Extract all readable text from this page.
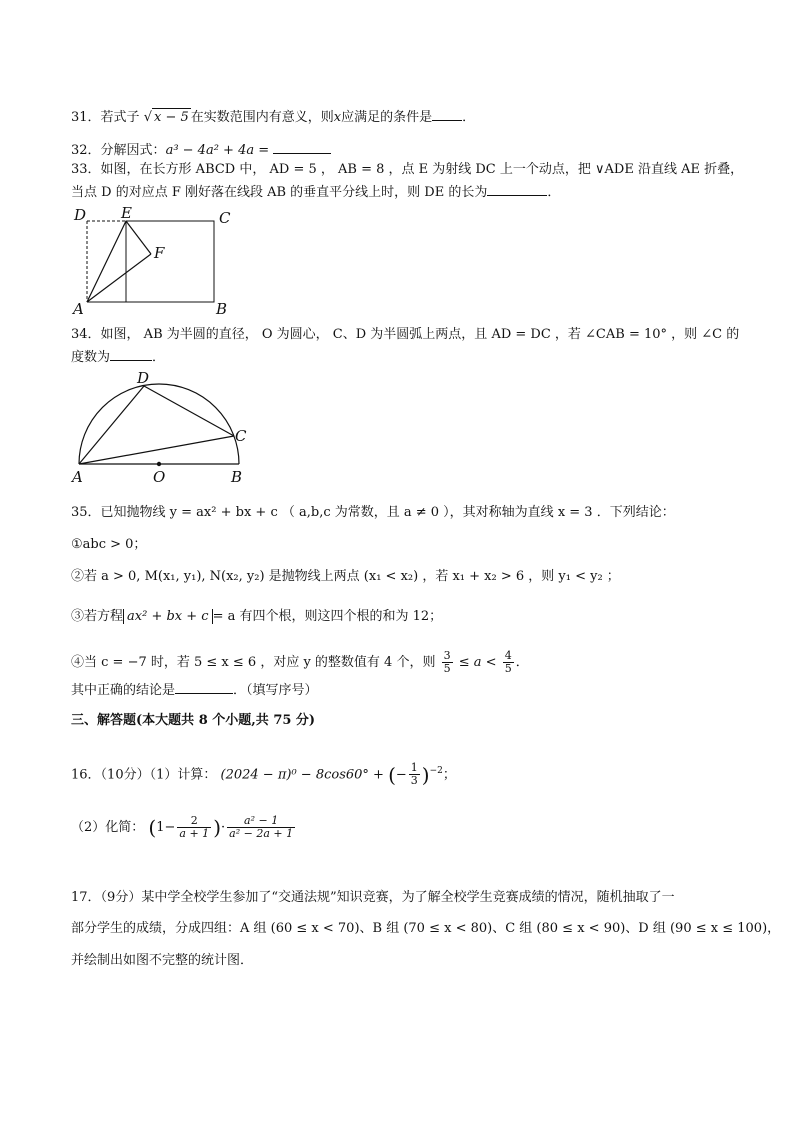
31．若式子 √ x − 5 在实数范围内有意义，则x应满足的条件是 ．
32．分解因式：a³ − 4a² + 4a =
33．如图，在长方形 ABCD 中， AD = 5 ， AB = 8 ，点 E 为射线 DC 上一个动点，把 ∨ADE 沿直线 AE 折叠，
当点 D 的对应点 F 刚好落在线段 AB 的垂直平分线上时，则 DE 的长为	．
D E	C
F
A	B
34．如图， AB 为半圆的直径， O 为圆心， C、D 为半圆弧上两点，且 AD = DC ，若 ∠CAB = 10° ，则 ∠C 的
度数为	．
D
C
A	O	B
35．已知抛物线 y = ax² + bx + c （ a,b,c 为常数，且 a ≠ 0 ），其对称轴为直线 x = 3 ．下列结论：
①abc > 0；
②若 a > 0, M(x₁, y₁), N(x₂, y₂) 是抛物线上两点 (x₁ < x₂) ，若 x₁ + x₂ > 6 ，则 y₁ < y₂ ；
③若方程 ax² + bx + c = a 有四个根，则这四个根的和为 12；
④当 c = −7 时，若 5 ≤ x ≤ 6 ，对应 y 的整数值有 4 个，则 $\frac{3}{5} \le a < \frac{4}{5}$ ．
其中正确的结论是	．（填写序号）
三、解答题(本大题共 8 个小题,共 75 分)
16．（10分）（1）计算： (2024 − π)⁰ − 8cos60° + (− $\frac{1}{3} )^{-2}$；
（2）化简： ($1- \frac{2}{a + 1}$ )· $\frac{\text{a² − 1}}{\text{a² − 2a + 1}}$
17．（9分）某中学全校学生参加了“交通法规”知识竞赛，为了解全校学生竞赛成绩的情况，随机抽取了一
部分学生的成绩，分成四组：A 组 (60 ≤ x < 70)、B 组 (70 ≤ x < 80)、C 组 (80 ≤ x < 90)、D 组 (90 ≤ x ≤ 100)，
并绘制出如图不完整的统计图．
